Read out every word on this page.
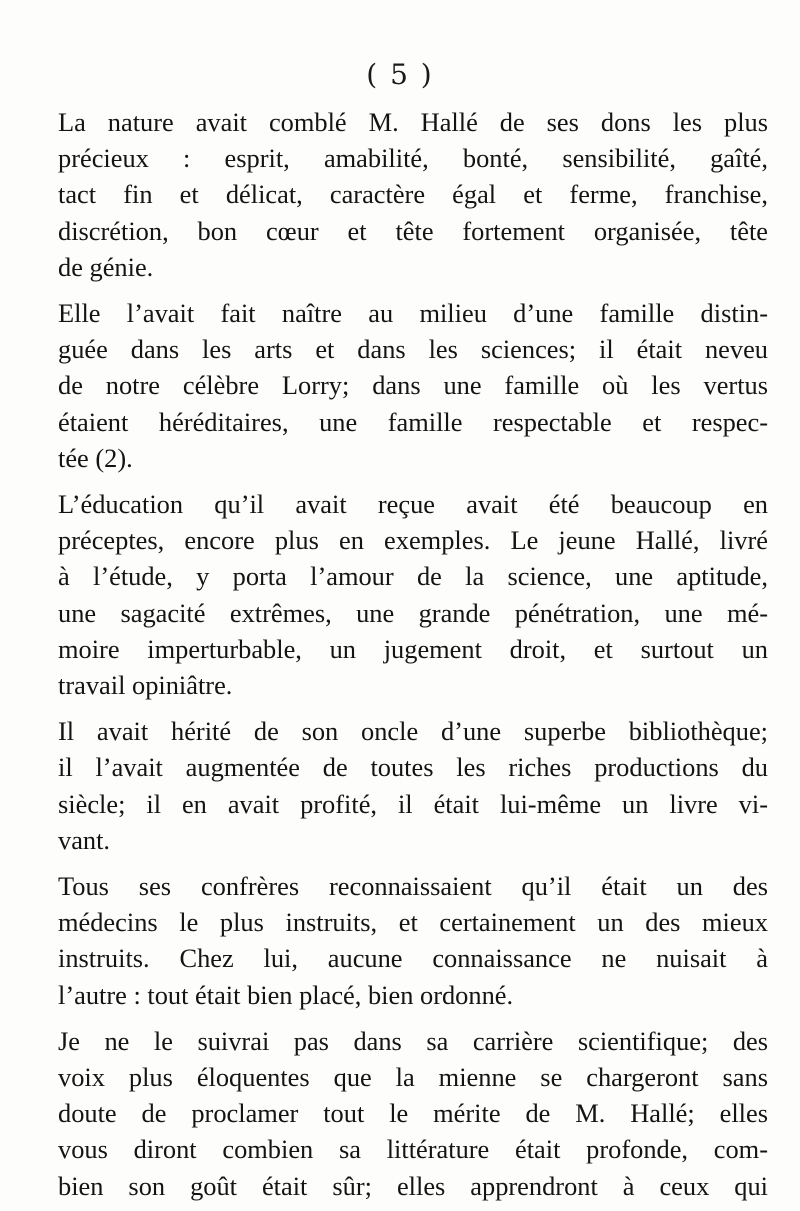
( 5 )

La nature avait comblé M. Hallé de ses dons les plus
précieux : esprit, amabilité, bonté, sensibilité, gaîté,
tact fin et délicat, caractère égal et ferme, franchise,
discrétion, bon cœur et tête fortement organisée, tête
de génie.

Elle l’avait fait naître au milieu d’une famille distin-
guée dans les arts et dans les sciences; il était neveu
de notre célèbre Lorry; dans une famille où les vertus
étaient héréditaires, une famille respectable et respec-
tée (2).

L’éducation qu’il avait reçue avait été beaucoup en
préceptes, encore plus en exemples. Le jeune Hallé, livré
à l’étude, y porta l’amour de la science, une aptitude,
une sagacité extrêmes, une grande pénétration, une mé-
moire imperturbable, un jugement droit, et surtout un
travail opiniâtre.

Il avait hérité de son oncle d’une superbe bibliothèque;
il l’avait augmentée de toutes les riches productions du
siècle; il en avait profité, il était lui-même un livre vi-
vant.

Tous ses confrères reconnaissaient qu’il était un des
médecins le plus instruits, et certainement un des mieux
instruits. Chez lui, aucune connaissance ne nuisait à
l’autre : tout était bien placé, bien ordonné.

Je ne le suivrai pas dans sa carrière scientifique; des
voix plus éloquentes que la mienne se chargeront sans
doute de proclamer tout le mérite de M. Hallé; elles
vous diront combien sa littérature était profonde, com-
bien son goût était sûr; elles apprendront à ceux qui
